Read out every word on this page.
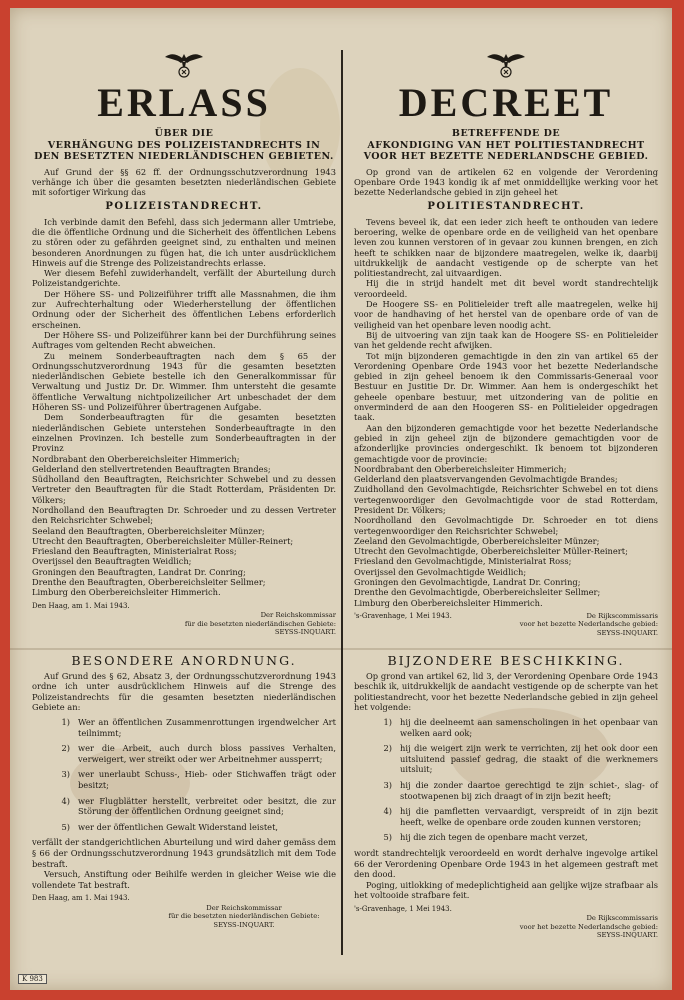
ERLASS
ÜBER DIE
VERHÄNGUNG DES POLIZEISTANDRECHTS IN
DEN BESETZTEN NIEDERLÄNDISCHEN GEBIETEN.

Auf Grund der §§ 62 ff. der Ordnungsschutzverordnung 1943 verhänge ich über die gesamten besetzten niederländischen Gebiete mit sofortiger Wirkung das

POLIZEISTANDRECHT.

Ich verbinde damit den Befehl, dass sich jedermann aller Umtriebe, die die öffentliche Ordnung und die Sicherheit des öffentlichen Lebens zu stören oder zu gefährden geeignet sind, zu enthalten und meinen besonderen Anordnungen zu fügen hat, die ich unter ausdrücklichem Hinweis auf die Strenge des Polizeistandrechts erlasse.

Wer diesem Befehl zuwiderhandelt, verfällt der Aburteilung durch Polizeistandgerichte.

Der Höhere SS- und Polizeiführer trifft alle Massnahmen, die ihm zur Aufrechterhaltung oder Wiederherstellung der öffentlichen Ordnung oder der Sicherheit des öffentlichen Lebens erforderlich erscheinen.

Der Höhere SS- und Polizeiführer kann bei der Durchführung seines Auftrages vom geltenden Recht abweichen.

Zu meinem Sonderbeauftragten nach dem § 65 der Ordnungsschutzverordnung 1943 für die gesamten besetzten niederländischen Gebiete bestelle ich den Generalkommissar für Verwaltung und Justiz Dr. Dr. Wimmer. Ihm untersteht die gesamte öffentliche Verwaltung nichtpolizeilicher Art unbeschadet der dem Höheren SS- und Polizeiführer übertragenen Aufgabe.

Dem Sonderbeauftragten für die gesamten besetzten niederländischen Gebiete unterstehen Sonderbeauftragte in den einzelnen Provinzen. Ich bestelle zum Sonderbeauftragten in der Provinz

Nordbrabant den Oberbereichsleiter Himmerich;
Gelderland den stellvertretenden Beauftragten Brandes;
Südholland den Beauftragten, Reichsrichter Schwebel und zu dessen Vertreter den Beauftragten für die Stadt Rotterdam, Präsidenten Dr. Völkers;
Nordholland den Beauftragten Dr. Schroeder und zu dessen Vertreter den Reichsrichter Schwebel;
Seeland den Beauftragten, Oberbereichsleiter Münzer;
Utrecht den Beauftragten, Oberbereichsleiter Müller-Reinert;
Friesland den Beauftragten, Ministerialrat Ross;
Overijssel den Beauftragten Weidlich;
Groningen den Beauftragten, Landrat Dr. Conring;
Drenthe den Beauftragten, Oberbereichsleiter Sellmer;
Limburg den Oberbereichsleiter Himmerich.
Den Haag, am 1. Mai 1943.
Der Reichskommissar
für die besetzten niederländischen Gebiete:
SEYSS-INQUART.
DECREET
BETREFFENDE DE
AFKONDIGING VAN HET POLITIESTANDRECHT
VOOR HET BEZETTE NEDERLANDSCHE GEBIED.

Op grond van de artikelen 62 en volgende der Verordening Openbare Orde 1943 kondig ik af met onmiddellijke werking voor het bezette Nederlandsche gebied in zijn geheel het

POLITIESTANDRECHT.

Tevens beveel ik, dat een ieder zich heeft te onthouden van iedere beroering, welke de openbare orde en de veiligheid van het openbare leven zou kunnen verstoren of in gevaar zou kunnen brengen, en zich heeft te schikken naar de bijzondere maatregelen, welke ik, daarbij uitdrukkelijk de aandacht vestigende op de scherpte van het politiestandrecht, zal uitvaardigen.

Hij die in strijd handelt met dit bevel wordt standrechtelijk veroordeeld.

De Hoogere SS- en Politieleider treft alle maatregelen, welke hij voor de handhaving of het herstel van de openbare orde of van de veiligheid van het openbare leven noodig acht.

Bij de uitvoering van zijn taak kan de Hoogere SS- en Politieleider van het geldende recht afwijken.

Tot mijn bijzonderen gemachtigde in den zin van artikel 65 der Verordening Openbare Orde 1943 voor het bezette Nederlandsche gebied in zijn geheel benoem ik den Commissaris-Generaal voor Bestuur en Justitie Dr. Dr. Wimmer. Aan hem is ondergeschikt het geheele openbare bestuur, met uitzondering van de politie en onverminderd de aan den Hoogeren SS- en Politieleider opgedragen taak.

Aan den bijzonderen gemachtigde voor het bezette Nederlandsche gebied in zijn geheel zijn de bijzondere gemachtigden voor de afzonderlijke provincies ondergeschikt. Ik benoem tot bijzonderen gemachtigde voor de provincie:

Noordbrabant den Oberbereichsleiter Himmerich;
Gelderland den plaatsvervangenden Gevolmachtigde Brandes;
Zuidholland den Gevolmachtigde, Reichsrichter Schwebel en tot diens vertegenwoordiger den Gevolmachtigde voor de stad Rotterdam, President Dr. Völkers;
Noordholland den Gevolmachtigde Dr. Schroeder en tot diens vertegenwoordiger den Reichsrichter Schwebel;
Zeeland den Gevolmachtigde, Oberbereichsleiter Münzer;
Utrecht den Gevolmachtigde, Oberbereichsleiter Müller-Reinert;
Friesland den Gevolmachtigde, Ministerialrat Ross;
Overijssel den Gevolmachtigde Weidlich;
Groningen den Gevolmachtigde, Landrat Dr. Conring;
Drenthe den Gevolmachtigde, Oberbereichsleiter Sellmer;
Limburg den Oberbereichsleiter Himmerich.
's-Gravenhage, 1 Mei 1943.	De Rijkscommissaris
voor het bezette Nederlandsche gebied:
SEYSS-INQUART.
BESONDERE ANORDNUNG.

Auf Grund des § 62, Absatz 3, der Ordnungsschutzverordnung 1943 ordne ich unter ausdrücklichem Hinweis auf die Strenge des Polizeistandrechts für die gesamten besetzten niederländischen Gebiete an:

1) Wer an öffentlichen Zusammenrottungen irgendwelcher Art teilnimmt;
2) wer die Arbeit, auch durch bloss passives Verhalten, verweigert, wer streikt oder wer Arbeitnehmer aussperrt;
3) wer unerlaubt Schuss-, Hieb- oder Stichwaffen trägt oder besitzt;
4) wer Flugblätter herstellt, verbreitet oder besitzt, die zur Störung der öffentlichen Ordnung geeignet sind;
5) wer der öffentlichen Gewalt Widerstand leistet,

verfällt der standgerichtlichen Aburteilung und wird daher gemäss dem § 66 der Ordnungsschutzverordnung 1943 grundsätzlich mit dem Tode bestraft.

Versuch, Anstiftung oder Beihilfe werden in gleicher Weise wie die vollendete Tat bestraft.

Den Haag, am 1. Mai 1943.
Der Reichskommissar
für die besetzten niederländischen Gebiete:
SEYSS-INQUART.
BIJZONDERE BESCHIKKING.

Op grond van artikel 62, lid 3, der Verordening Openbare Orde 1943 beschik ik, uitdrukkelijk de aandacht vestigende op de scherpte van het politiestandrecht, voor het bezette Nederlandsche gebied in zijn geheel het volgende:

1) hij die deelneemt aan samenscholingen in het openbaar van welken aard ook;
2) hij die weigert zijn werk te verrichten, zij het ook door een uitsluitend passief gedrag, die staakt of die werknemers uitsluit;
3) hij die zonder daartoe gerechtigd te zijn schiet-, slag- of stootwapenen bij zich draagt of in zijn bezit heeft;
4) hij die pamfletten vervaardigt, verspreidt of in zijn bezit heeft, welke de openbare orde zouden kunnen verstoren;
5) hij die zich tegen de openbare macht verzet,

wordt standrechtelijk veroordeeld en wordt derhalve ingevolge artikel 66 der Verordening Openbare Orde 1943 in het algemeen gestraft met den dood.

Poging, uitlokking of medeplichtigheid aan gelijke wijze strafbaar als het voltooide strafbare feit.

's-Gravenhage, 1 Mei 1943.
De Rijkscommissaris
voor het bezette Nederlandsche gebied:
SEYSS-INQUART.
K 983
